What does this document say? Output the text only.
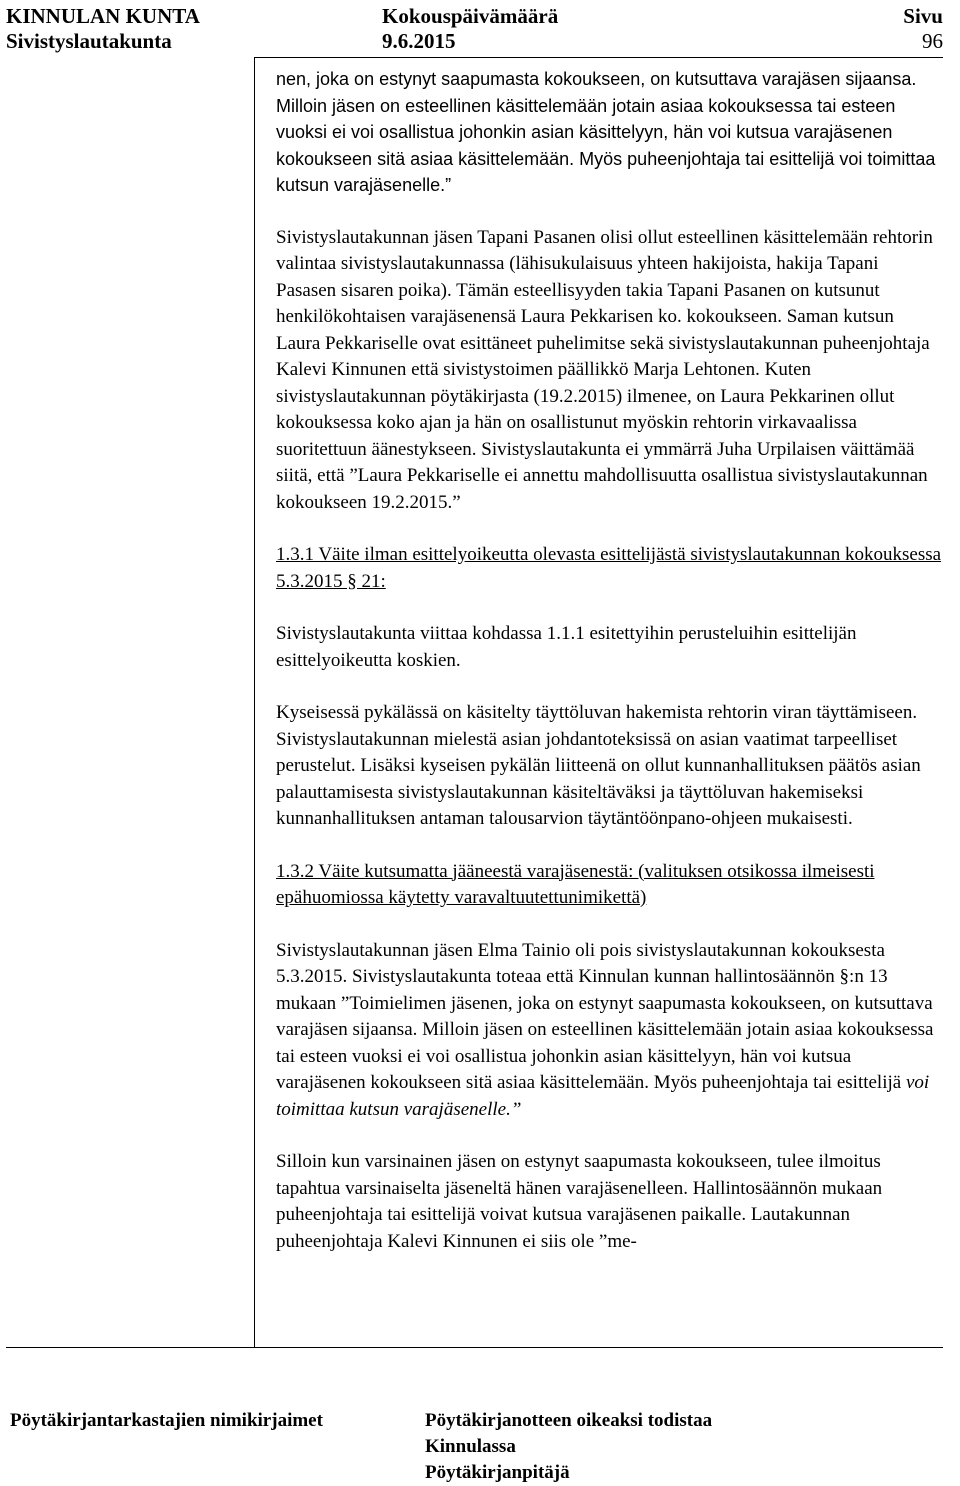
KINNULAN KUNTA
Sivistyslautakunta
Kokouspäivämäärä
9.6.2015
Sivu
96

nen, joka on estynyt saapumasta kokoukseen, on kutsuttava varajäsen sijaansa. Milloin jäsen on esteellinen käsittelemään jotain asiaa kokouksessa tai esteen vuoksi ei voi osallistua johonkin asian käsittelyyn, hän voi kutsua varajäsenen kokoukseen sitä asiaa käsittelemään. Myös puheenjohtaja tai esittelijä voi toimittaa kutsun varajäsenelle.”

Sivistyslautakunnan jäsen Tapani Pasanen olisi ollut esteellinen käsittelemään rehtorin valintaa sivistyslautakunnassa (lähisukulaisuus yhteen hakijoista, hakija Tapani Pasasen sisaren poika). Tämän esteellisyyden takia Tapani Pasanen on kutsunut henkilökohtaisen varajäsenensä Laura Pekkarisen ko. kokoukseen. Saman kutsun Laura Pekkariselle ovat esittäneet puhelimitse sekä sivistyslautakunnan puheenjohtaja Kalevi Kinnunen että sivistystoimen päällikkö Marja Lehtonen. Kuten sivistyslautakunnan pöytäkirjasta (19.2.2015) ilmenee, on Laura Pekkarinen ollut kokouksessa koko ajan ja hän on osallistunut myöskin rehtorin virkavaalissa suoritettuun äänestykseen. Sivistyslautakunta ei ymmärrä Juha Urpilaisen väittämää siitä, että ”Laura Pekkariselle ei annettu mahdollisuutta osallistua sivistyslautakunnan kokoukseen 19.2.2015.”

1.3.1 Väite ilman esittelyoikeutta olevasta esittelijästä sivistyslautakunnan kokouksessa 5.3.2015 § 21:

Sivistyslautakunta viittaa kohdassa 1.1.1 esitettyihin perusteluihin esittelijän esittelyoikeutta koskien.

Kyseisessä pykälässä on käsitelty täyttöluvan hakemista rehtorin viran täyttämiseen. Sivistyslautakunnan mielestä asian johdantoteksissä on asian vaatimat tarpeelliset perustelut. Lisäksi kyseisen pykälän liitteenä on ollut kunnanhallituksen päätös asian palauttamisesta sivistyslautakunnan käsiteltäväksi ja täyttöluvan hakemiseksi kunnanhallituksen antaman talousarvion täytäntöönpano-ohjeen mukaisesti.

1.3.2 Väite kutsumatta jääneestä varajäsenestä: (valituksen otsikossa ilmeisesti epähuomiossa käytetty varavaltuutettunimikettä)

Sivistyslautakunnan jäsen Elma Tainio oli pois sivistyslautakunnan kokouksesta 5.3.2015. Sivistyslautakunta toteaa että Kinnulan kunnan hallintosäännön §:n 13 mukaan ”Toimielimen jäsenen, joka on estynyt saapumasta kokoukseen, on kutsuttava varajäsen sijaansa. Milloin jäsen on esteellinen käsittelemään jotain asiaa kokouksessa tai esteen vuoksi ei voi osallistua johonkin asian käsittelyyn, hän voi kutsua varajäsenen kokoukseen sitä asiaa käsittelemään. Myös puheenjohtaja tai esittelijä voi toimittaa kutsun varajäsenelle.”

Silloin kun varsinainen jäsen on estynyt saapumasta kokoukseen, tulee ilmoitus tapahtua varsinaiselta jäseneltä hänen varajäsenelleen. Hallintosäännön mukaan puheenjohtaja tai esittelijä voivat kutsua varajäsenen paikalle. Lautakunnan puheenjohtaja Kalevi Kinnunen ei siis ole ”me-

Pöytäkirjantarkastajien nimikirjaimet	Pöytäkirjanotteen oikeaksi todistaa
Kinnulassa
Pöytäkirjanpitäjä
